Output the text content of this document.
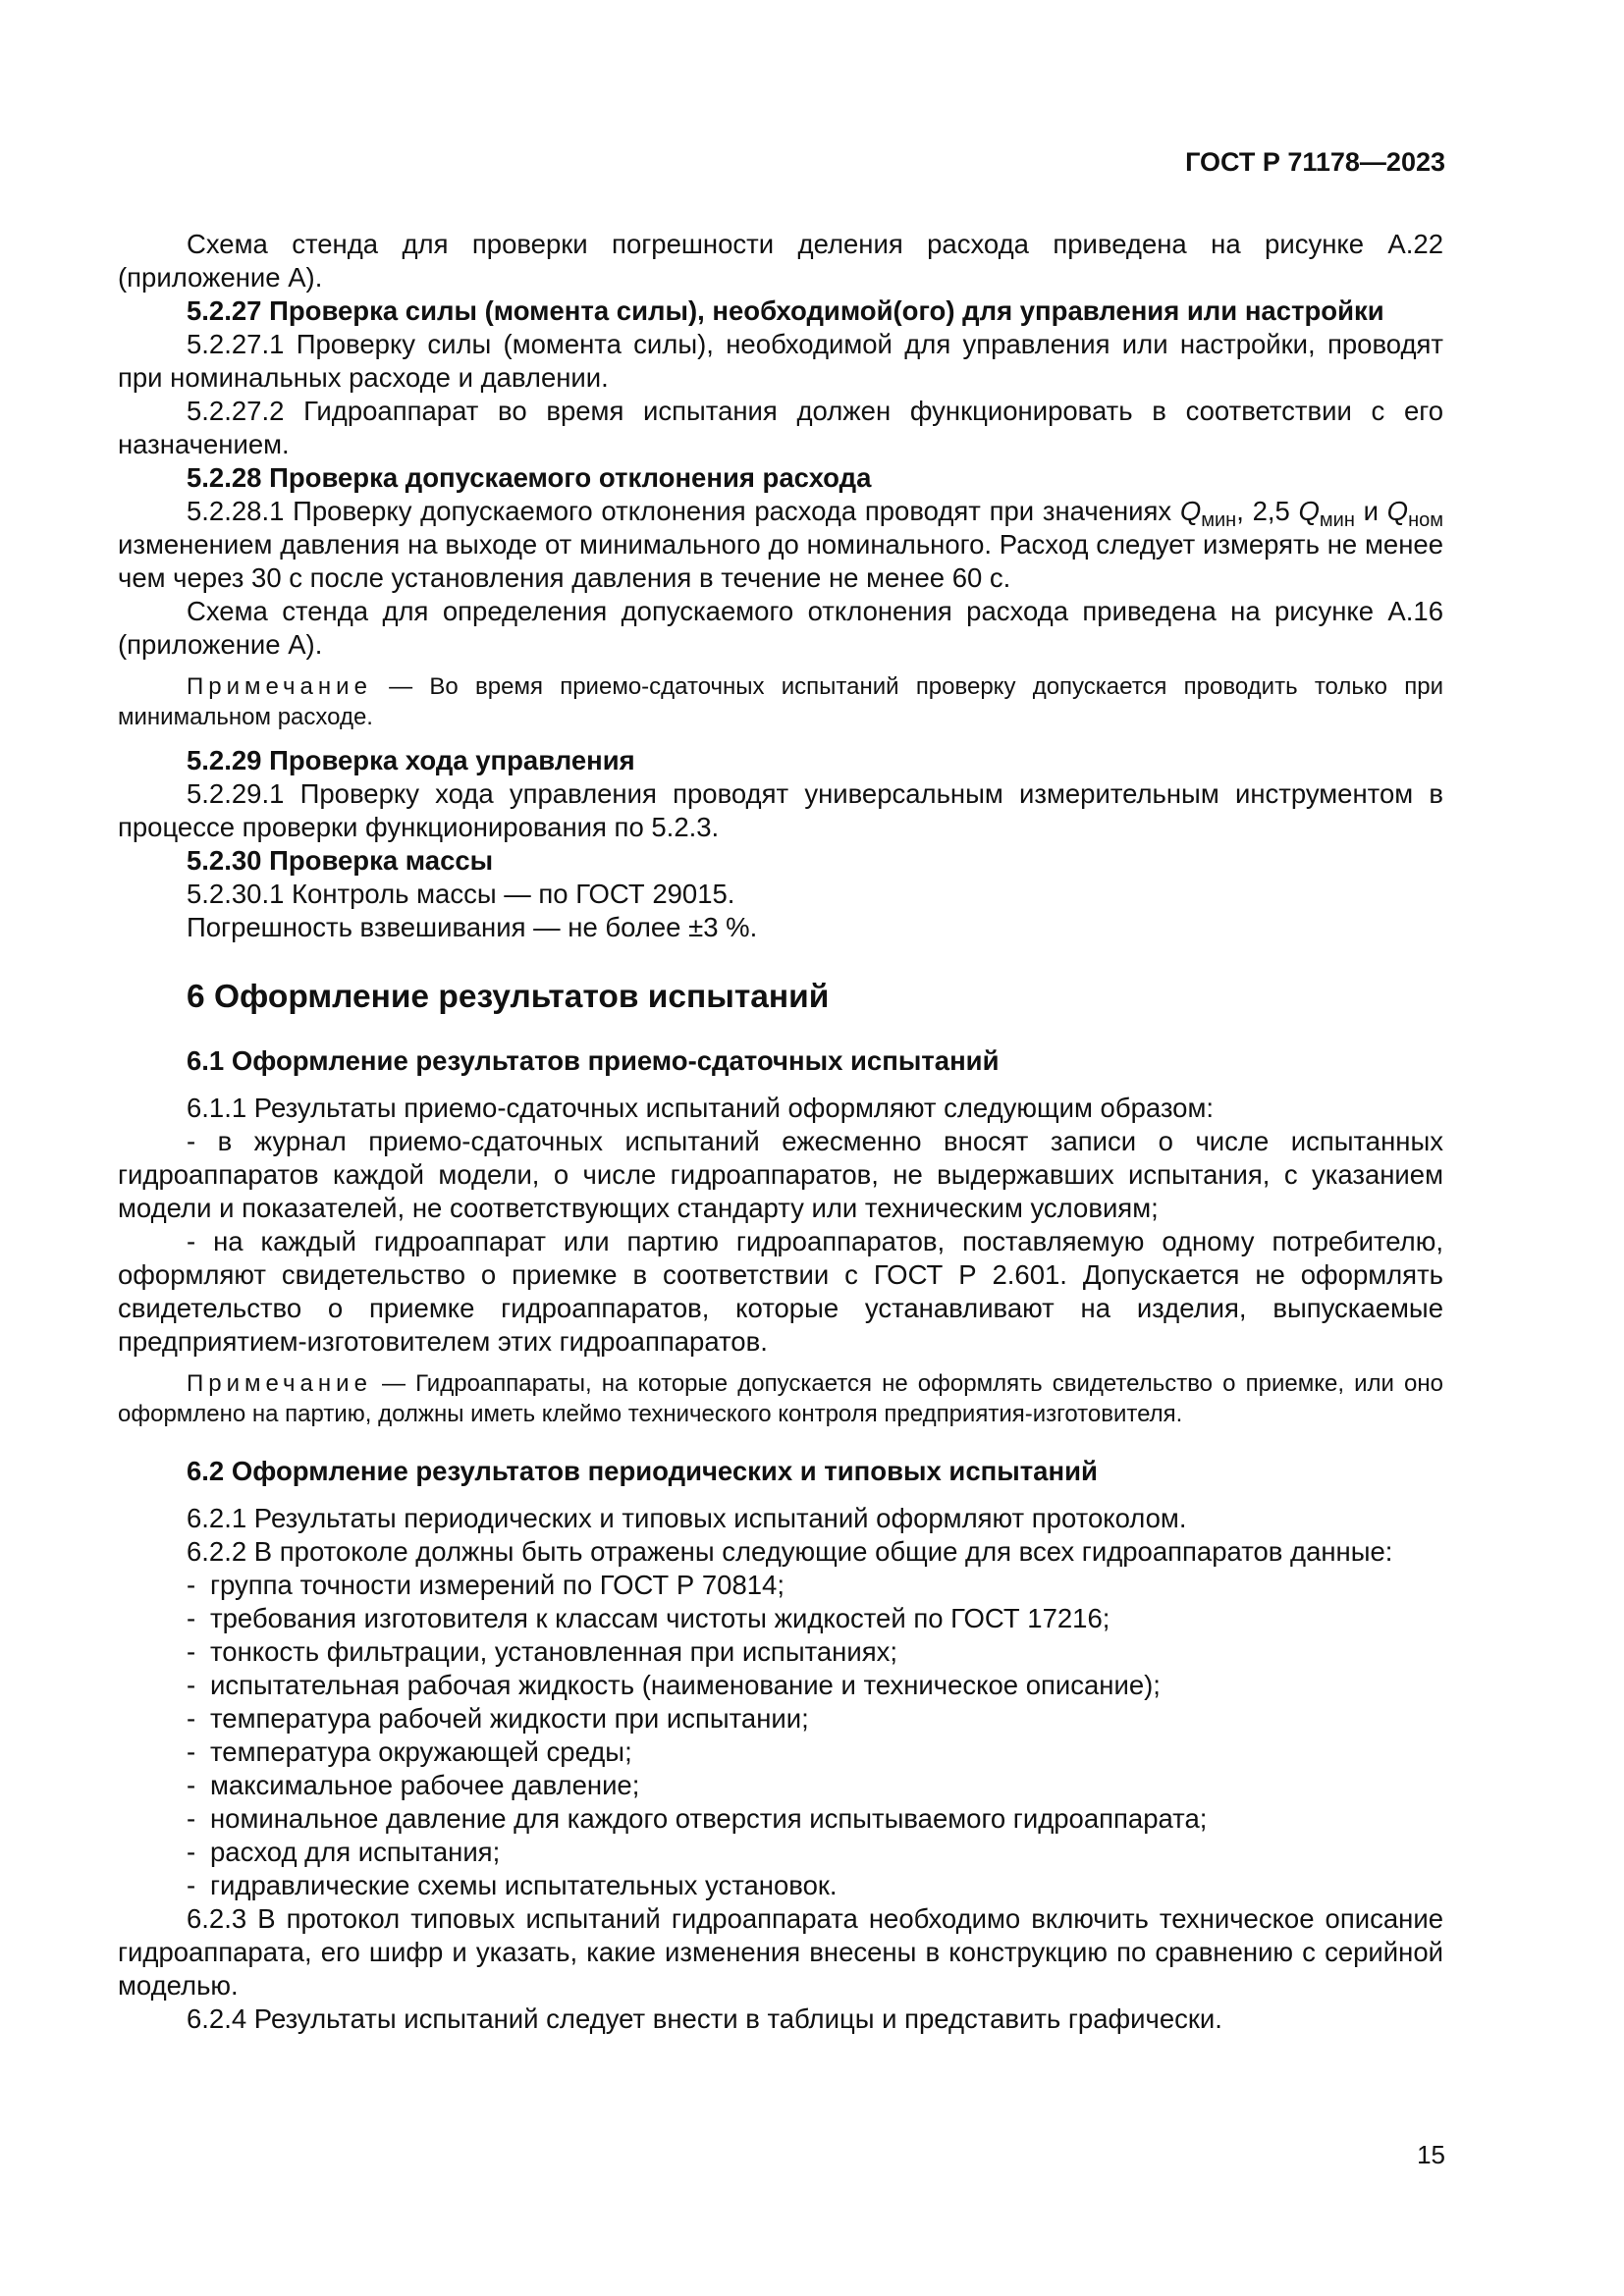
ГОСТ Р 71178—2023

Схема стенда для проверки погрешности деления расхода приведена на рисунке А.22 (приложение А).

5.2.27 Проверка силы (момента силы), необходимой(ого) для управления или настройки

5.2.27.1 Проверку силы (момента силы), необходимой для управления или настройки, проводят при номинальных расходе и давлении.

5.2.27.2 Гидроаппарат во время испытания должен функционировать в соответствии с его назначением.

5.2.28 Проверка допускаемого отклонения расхода

5.2.28.1 Проверку допускаемого отклонения расхода проводят при значениях $Q_{мин}$, 2,5 $Q_{мин}$ и $Q_{ном}$ изменением давления на выходе от минимального до номинального. Расход следует измерять не менее чем через 30 с после установления давления в течение не менее 60 с.

Схема стенда для определения допускаемого отклонения расхода приведена на рисунке А.16 (приложение А).

Примечание — Во время приемо-сдаточных испытаний проверку допускается проводить только при минимальном расходе.

5.2.29 Проверка хода управления

5.2.29.1 Проверку хода управления проводят универсальным измерительным инструментом в процессе проверки функционирования по 5.2.3.

5.2.30 Проверка массы

5.2.30.1 Контроль массы — по ГОСТ 29015.

Погрешность взвешивания — не более ±3 %.

6 Оформление результатов испытаний
6.1 Оформление результатов приемо-сдаточных испытаний

6.1.1 Результаты приемо-сдаточных испытаний оформляют следующим образом:

- в журнал приемо-сдаточных испытаний ежесменно вносят записи о числе испытанных гидроаппаратов каждой модели, о числе гидроаппаратов, не выдержавших испытания, с указанием модели и показателей, не соответствующих стандарту или техническим условиям;

- на каждый гидроаппарат или партию гидроаппаратов, поставляемую одному потребителю, оформляют свидетельство о приемке в соответствии с ГОСТ Р 2.601. Допускается не оформлять свидетельство о приемке гидроаппаратов, которые устанавливают на изделия, выпускаемые предприятием-изготовителем этих гидроаппаратов.

Примечание — Гидроаппараты, на которые допускается не оформлять свидетельство о приемке, или оно оформлено на партию, должны иметь клеймо технического контроля предприятия-изготовителя.

6.2 Оформление результатов периодических и типовых испытаний

6.2.1 Результаты периодических и типовых испытаний оформляют протоколом.

6.2.2 В протоколе должны быть отражены следующие общие для всех гидроаппаратов данные:

- группа точности измерений по ГОСТ Р 70814;
- требования изготовителя к классам чистоты жидкостей по ГОСТ 17216;
- тонкость фильтрации, установленная при испытаниях;
- испытательная рабочая жидкость (наименование и техническое описание);
- температура рабочей жидкости при испытании;
- температура окружающей среды;
- максимальное рабочее давление;
- номинальное давление для каждого отверстия испытываемого гидроаппарата;
- расход для испытания;
- гидравлические схемы испытательных установок.

6.2.3 В протокол типовых испытаний гидроаппарата необходимо включить техническое описание гидроаппарата, его шифр и указать, какие изменения внесены в конструкцию по сравнению с серийной моделью.

6.2.4 Результаты испытаний следует внести в таблицы и представить графически.

15
